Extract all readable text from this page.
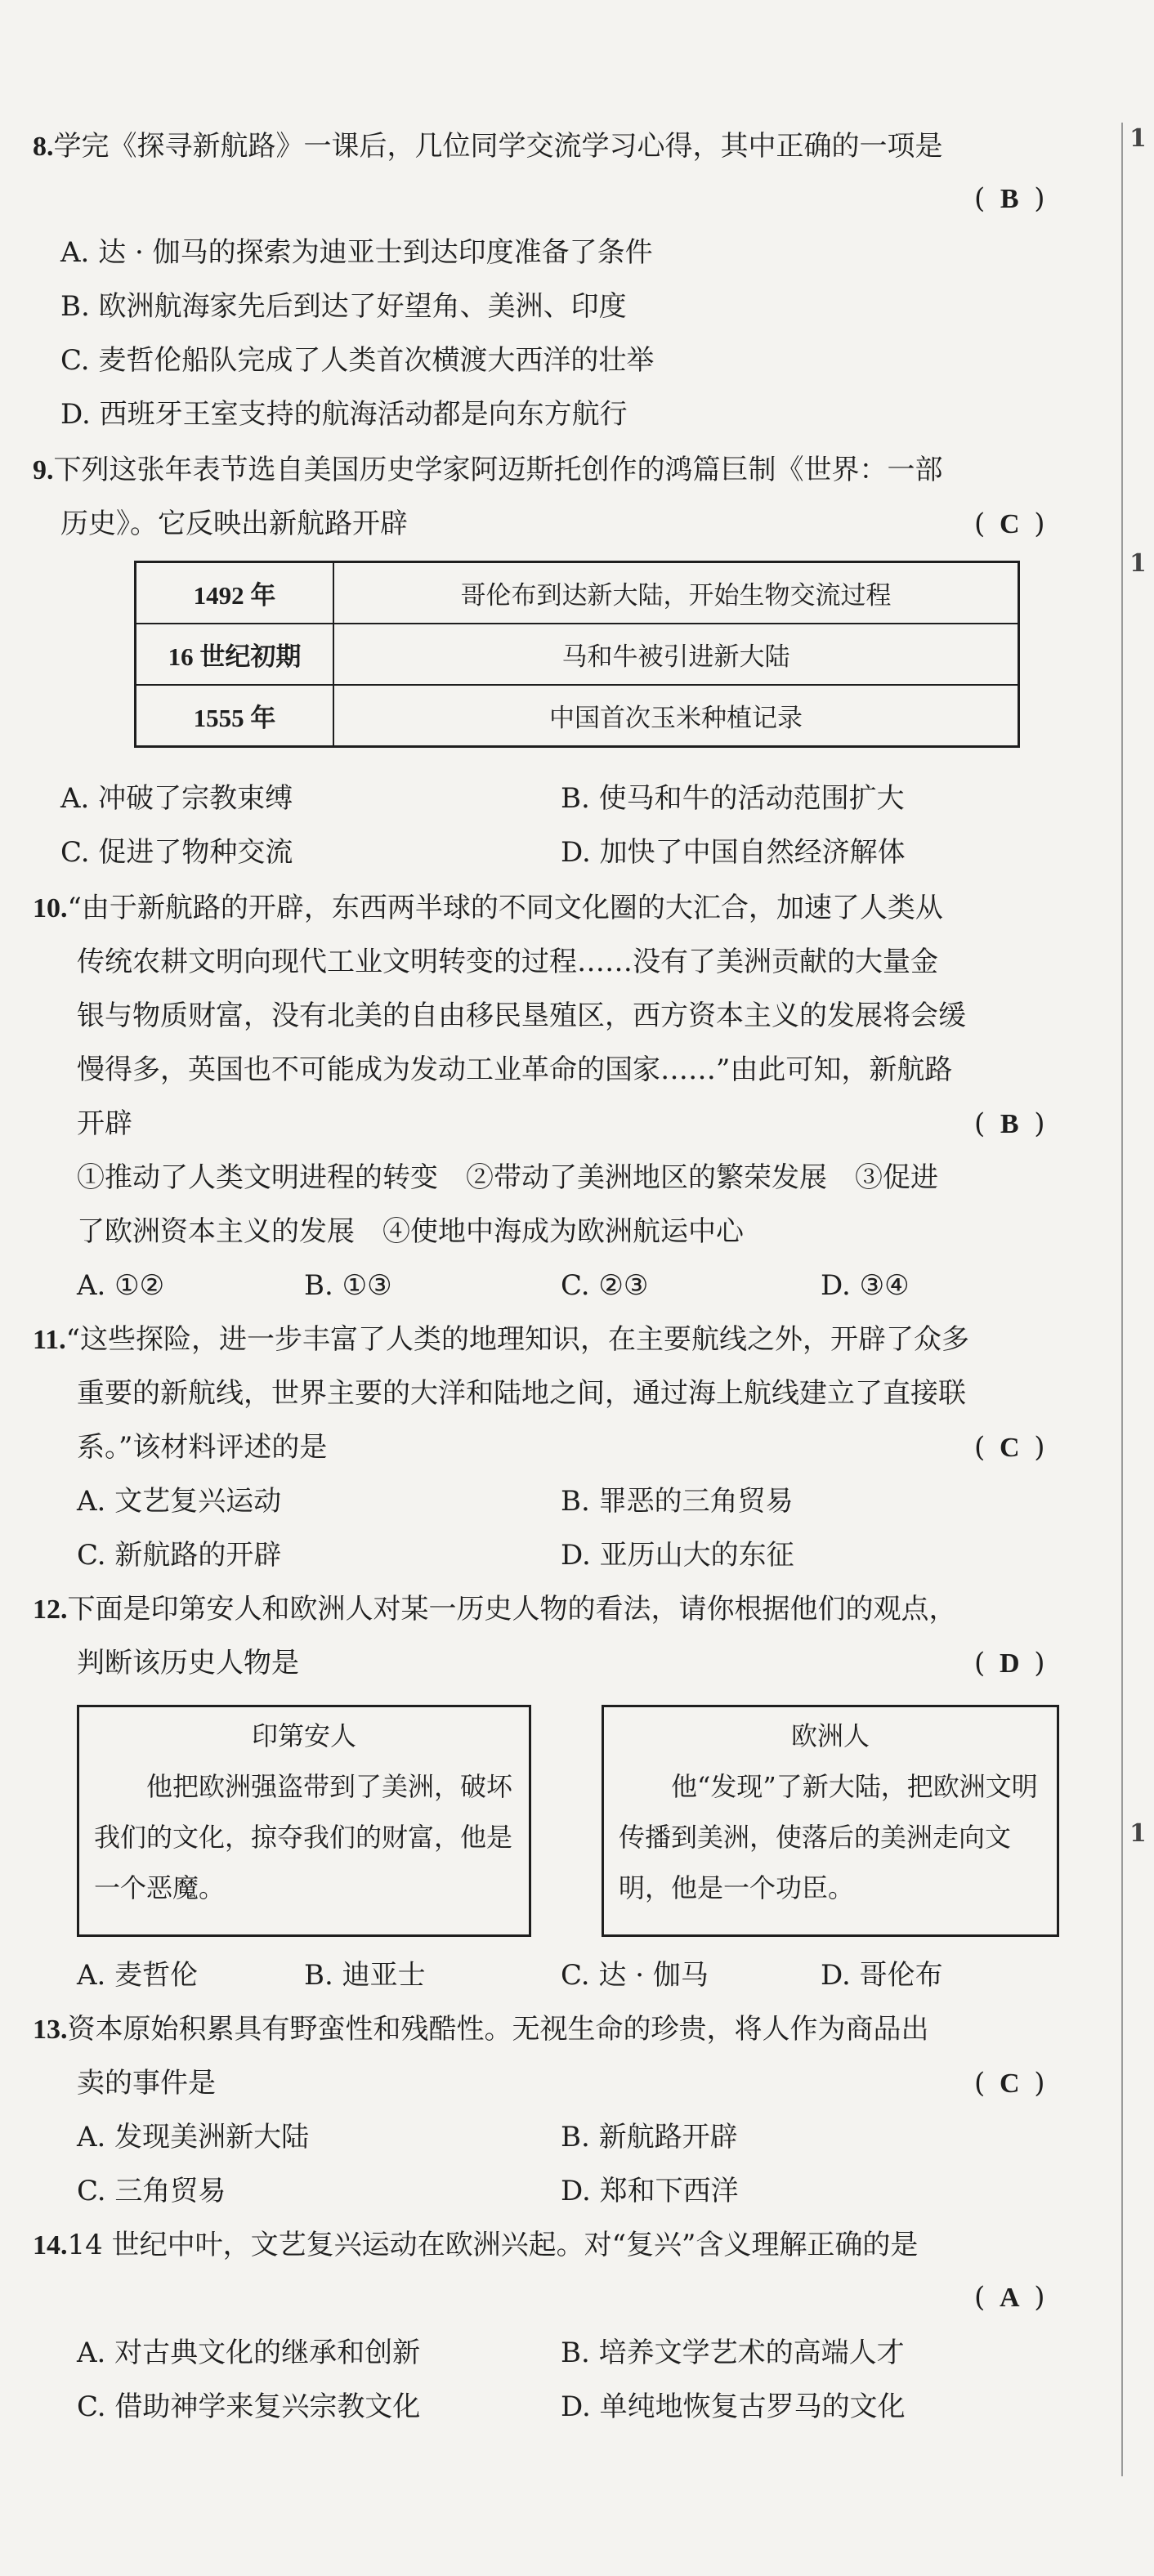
1
1
1
8.学完《探寻新航路》一课后，几位同学交流学习心得，其中正确的一项是
( B )
A. 达 · 伽马的探索为迪亚士到达印度准备了条件
B. 欧洲航海家先后到达了好望角、美洲、印度
C. 麦哲伦船队完成了人类首次横渡大西洋的壮举
D. 西班牙王室支持的航海活动都是向东方航行
9.下列这张年表节选自美国历史学家阿迈斯托创作的鸿篇巨制《世界：一部
历史》。它反映出新航路开辟	( C )
1492 年	哥伦布到达新大陆，开始生物交流过程
16 世纪初期	马和牛被引进新大陆
1555 年	中国首次玉米种植记录
A. 冲破了宗教束缚	B. 使马和牛的活动范围扩大
C. 促进了物种交流	D. 加快了中国自然经济解体
10.“由于新航路的开辟，东西两半球的不同文化圈的大汇合，加速了人类从
传统农耕文明向现代工业文明转变的过程……没有了美洲贡献的大量金
银与物质财富，没有北美的自由移民垦殖区，西方资本主义的发展将会缓
慢得多，英国也不可能成为发动工业革命的国家……”由此可知，新航路
开辟	( B )
①推动了人类文明进程的转变　②带动了美洲地区的繁荣发展　③促进
了欧洲资本主义的发展　④使地中海成为欧洲航运中心
A. ①②	B. ①③	C. ②③	D. ③④
11.“这些探险，进一步丰富了人类的地理知识，在主要航线之外，开辟了众多
重要的新航线，世界主要的大洋和陆地之间，通过海上航线建立了直接联
系。”该材料评述的是	( C )
A. 文艺复兴运动	B. 罪恶的三角贸易
C. 新航路的开辟	D. 亚历山大的东征
12.下面是印第安人和欧洲人对某一历史人物的看法，请你根据他们的观点，
判断该历史人物是	( D )
印第安人
他把欧洲强盗带到了美洲，破坏我们的文化，掠夺我们的财富，他是一个恶魔。
欧洲人
他“发现”了新大陆，把欧洲文明传播到美洲，使落后的美洲走向文明，他是一个功臣。
A. 麦哲伦	B. 迪亚士	C. 达 · 伽马	D. 哥伦布
13.资本原始积累具有野蛮性和残酷性。无视生命的珍贵，将人作为商品出
卖的事件是	( C )
A. 发现美洲新大陆	B. 新航路开辟
C. 三角贸易	D. 郑和下西洋
14.14 世纪中叶，文艺复兴运动在欧洲兴起。对“复兴”含义理解正确的是
( A )
A. 对古典文化的继承和创新	B. 培养文学艺术的高端人才
C. 借助神学来复兴宗教文化	D. 单纯地恢复古罗马的文化
